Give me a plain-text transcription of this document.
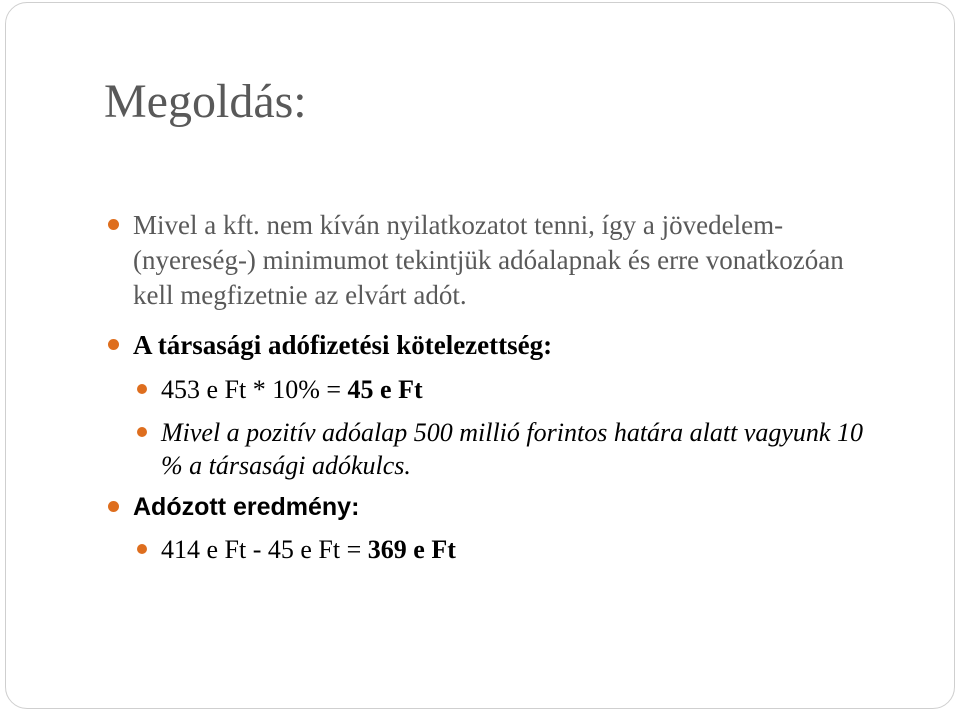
Megoldás:

Mivel a kft. nem kíván nyilatkozatot tenni, így a jövedelem- (nyereség-) minimumot tekintjük adóalapnak és erre vonatkozóan kell megfizetnie az elvárt adót.

A társasági adófizetési kötelezettség:

453 e Ft * 10% = 45 e Ft

Mivel a pozitív adóalap 500 millió forintos határa alatt vagyunk 10 % a társasági adókulcs.

Adózott eredmény:

414 e Ft - 45 e Ft = 369 e Ft
